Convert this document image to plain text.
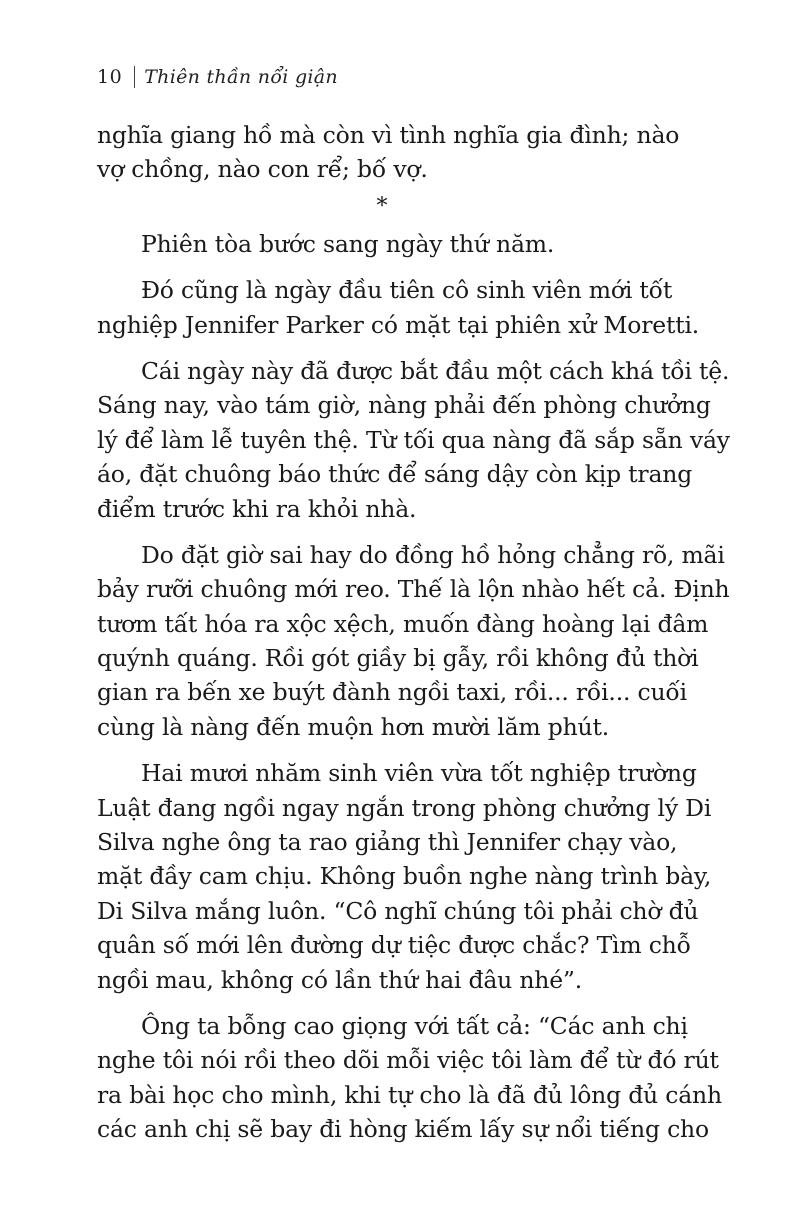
10 Thiên thần nổi giận
nghĩa giang hồ mà còn vì tình nghĩa gia đình; nào
vợ chồng, nào con rể; bố vợ.
*
Phiên tòa bước sang ngày thứ năm.
Đó cũng là ngày đầu tiên cô sinh viên mới tốt
nghiệp Jennifer Parker có mặt tại phiên xử Moretti.
Cái ngày này đã được bắt đầu một cách khá tồi tệ.
Sáng nay, vào tám giờ, nàng phải đến phòng chưởng
lý để làm lễ tuyên thệ. Từ tối qua nàng đã sắp sẵn váy
áo, đặt chuông báo thức để sáng dậy còn kịp trang
điểm trước khi ra khỏi nhà.
Do đặt giờ sai hay do đồng hồ hỏng chẳng rõ, mãi
bảy rưỡi chuông mới reo. Thế là lộn nhào hết cả. Định
tươm tất hóa ra xộc xệch, muốn đàng hoàng lại đâm
quýnh quáng. Rồi gót giầy bị gẫy, rồi không đủ thời
gian ra bến xe buýt đành ngồi taxi, rồi... rồi... cuối
cùng là nàng đến muộn hơn mười lăm phút.
Hai mươi nhăm sinh viên vừa tốt nghiệp trường
Luật đang ngồi ngay ngắn trong phòng chưởng lý Di
Silva nghe ông ta rao giảng thì Jennifer chạy vào,
mặt đầy cam chịu. Không buồn nghe nàng trình bày,
Di Silva mắng luôn. “Cô nghĩ chúng tôi phải chờ đủ
quân số mới lên đường dự tiệc được chắc? Tìm chỗ
ngồi mau, không có lần thứ hai đâu nhé”.
Ông ta bỗng cao giọng với tất cả: “Các anh chị
nghe tôi nói rồi theo dõi mỗi việc tôi làm để từ đó rút
ra bài học cho mình, khi tự cho là đã đủ lông đủ cánh
các anh chị sẽ bay đi hòng kiếm lấy sự nổi tiếng cho
